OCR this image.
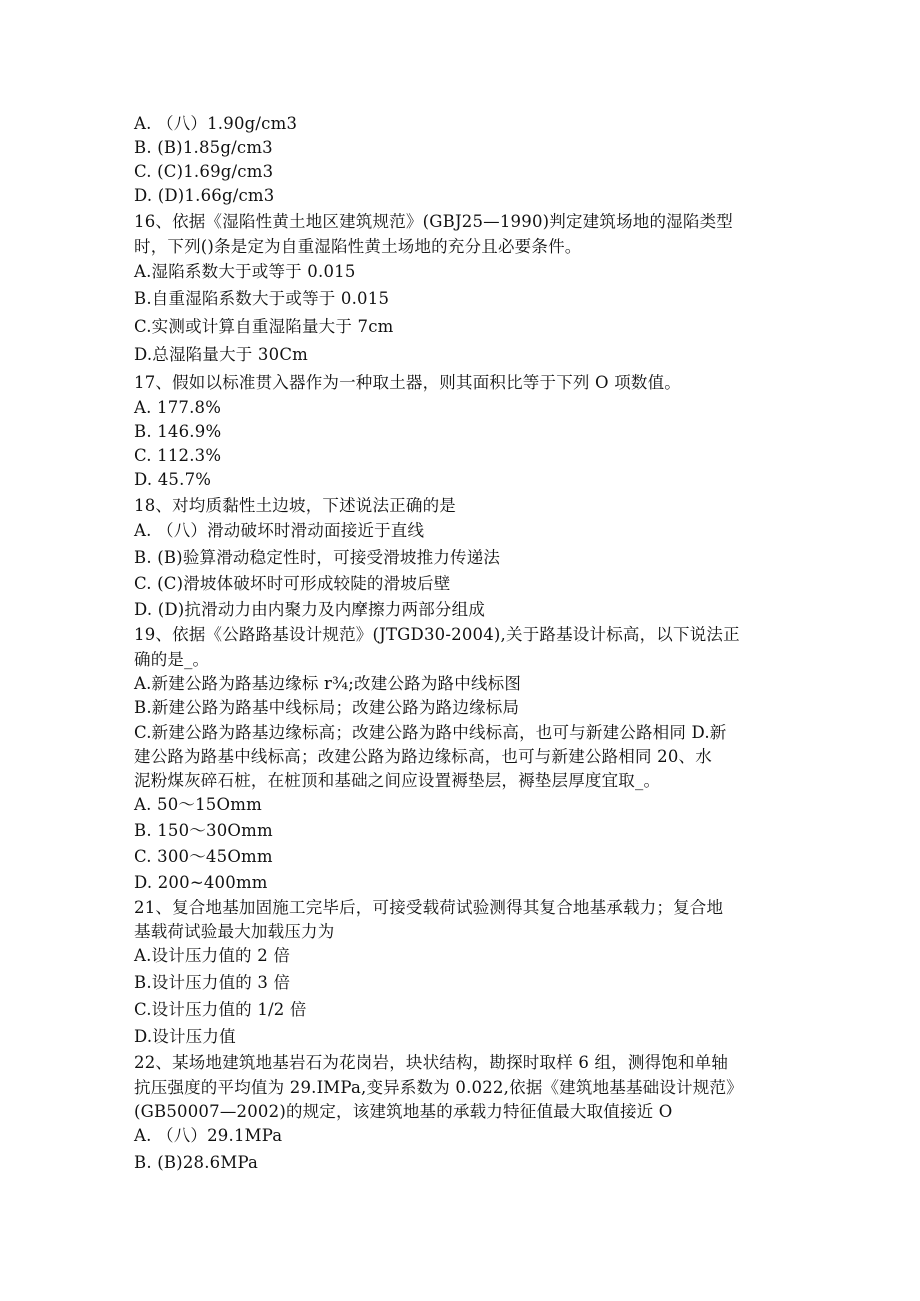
A. （八）1.90g/cm3
B. (B)1.85g/cm3
C. (C)1.69g/cm3
D. (D)1.66g/cm3
16、依据《湿陷性黄土地区建筑规范》(GBJ25—1990)判定建筑场地的湿陷类型
时，下列()条是定为自重湿陷性黄土场地的充分且必要条件。
A.湿陷系数大于或等于 0.015
B.自重湿陷系数大于或等于 0.015
C.实测或计算自重湿陷量大于 7cm
D.总湿陷量大于 30Cm
17、假如以标准贯入器作为一种取土器，则其面积比等于下列 O 项数值。
A. 177.8%
B. 146.9%
C. 112.3%
D. 45.7%
18、对均质黏性土边坡，下述说法正确的是
A. （八）滑动破坏时滑动面接近于直线
B. (B)验算滑动稳定性时，可接受滑坡推力传递法
C. (C)滑坡体破坏时可形成较陡的滑坡后壁
D. (D)抗滑动力由内聚力及内摩擦力两部分组成
19、依据《公路路基设计规范》(JTGD30-2004),关于路基设计标高，以下说法正
确的是_。
A.新建公路为路基边缘标 r¾;改建公路为路中线标图
B.新建公路为路基中线标局；改建公路为路边缘标局
C.新建公路为路基边缘标高；改建公路为路中线标高，也可与新建公路相同 D.新
建公路为路基中线标高；改建公路为路边缘标高，也可与新建公路相同 20、水
泥粉煤灰碎石桩，在桩顶和基础之间应设置褥垫层，褥垫层厚度宜取_。
A. 50～15Omm
B. 150～30Omm
C. 300～45Omm
D. 200~400mm
21、复合地基加固施工完毕后，可接受载荷试验测得其复合地基承载力；复合地
基载荷试验最大加载压力为
A.设计压力值的 2 倍
B.设计压力值的 3 倍
C.设计压力值的 1/2 倍
D.设计压力值
22、某场地建筑地基岩石为花岗岩，块状结构，勘探时取样 6 组，测得饱和单轴
抗压强度的平均值为 29.IMPa,变异系数为 0.022,依据《建筑地基基础设计规范》
(GB50007—2002)的规定，该建筑地基的承载力特征值最大取值接近 O
A. （八）29.1MPa
B. (B)28.6MPa
